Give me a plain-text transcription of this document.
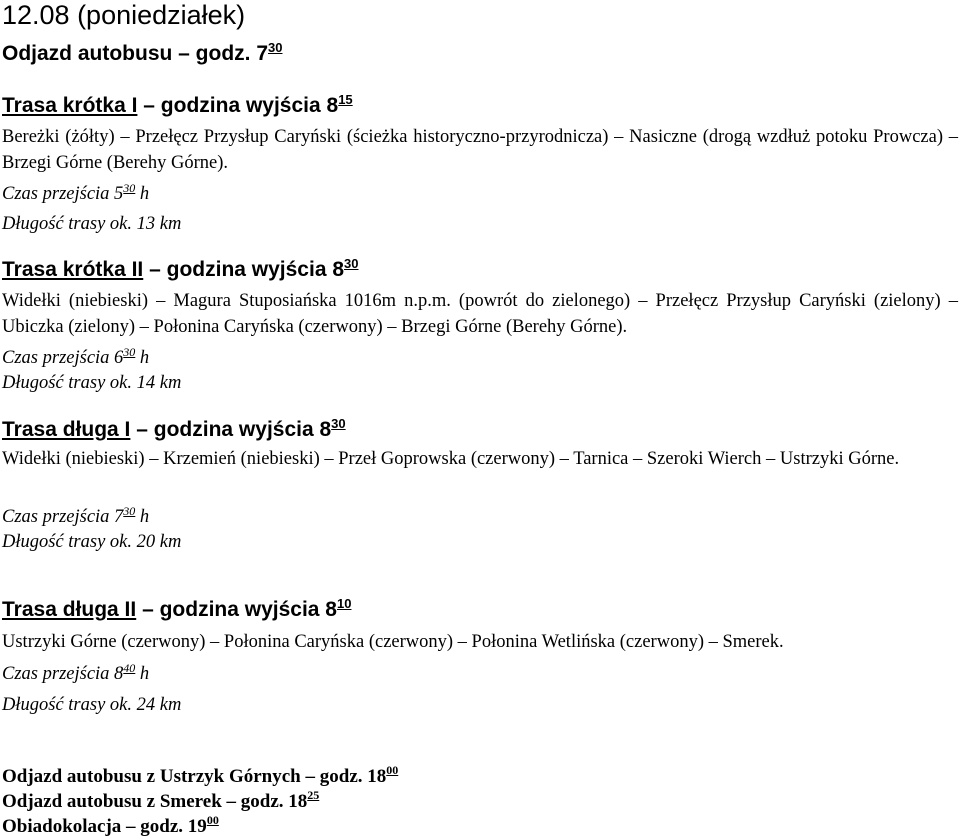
12.08 (poniedziałek)
Odjazd autobusu – godz. $7^{30}$
Trasa krótka I – godzina wyjścia $8^{15}$
Bereżki (żółty) – Przełęcz Przysłup Caryński (ścieżka historyczno-przyrodnicza) – Nasiczne (drogą wzdłuż potoku Prowcza) – Brzegi Górne (Berehy Górne).
Czas przejścia $5^{30}$ h
Długość trasy ok. 13 km
Trasa krótka II – godzina wyjścia $8^{30}$
Widełki (niebieski) – Magura Stuposiańska 1016m n.p.m. (powrót do zielonego) – Przełęcz Przysłup Caryński (zielony) – Ubiczka (zielony) – Połonina Caryńska (czerwony) – Brzegi Górne (Berehy Górne).
Czas przejścia $6^{30}$ h
Długość trasy ok. 14 km
Trasa długa I – godzina wyjścia $8^{30}$
Widełki (niebieski) – Krzemień (niebieski) – Przeł Goprowska (czerwony) – Tarnica – Szeroki Wierch – Ustrzyki Górne.
Czas przejścia $7^{30}$ h
Długość trasy ok. 20 km
Trasa długa II – godzina wyjścia $8^{10}$
Ustrzyki Górne (czerwony) – Połonina Caryńska (czerwony) – Połonina Wetlińska (czerwony) – Smerek.
Czas przejścia $8^{40}$ h
Długość trasy ok. 24 km
Odjazd autobusu z Ustrzyk Górnych – godz. $18^{00}$
Odjazd autobusu z Smerek – godz. $18^{25}$
Obiadokolacja – godz. $19^{00}$
